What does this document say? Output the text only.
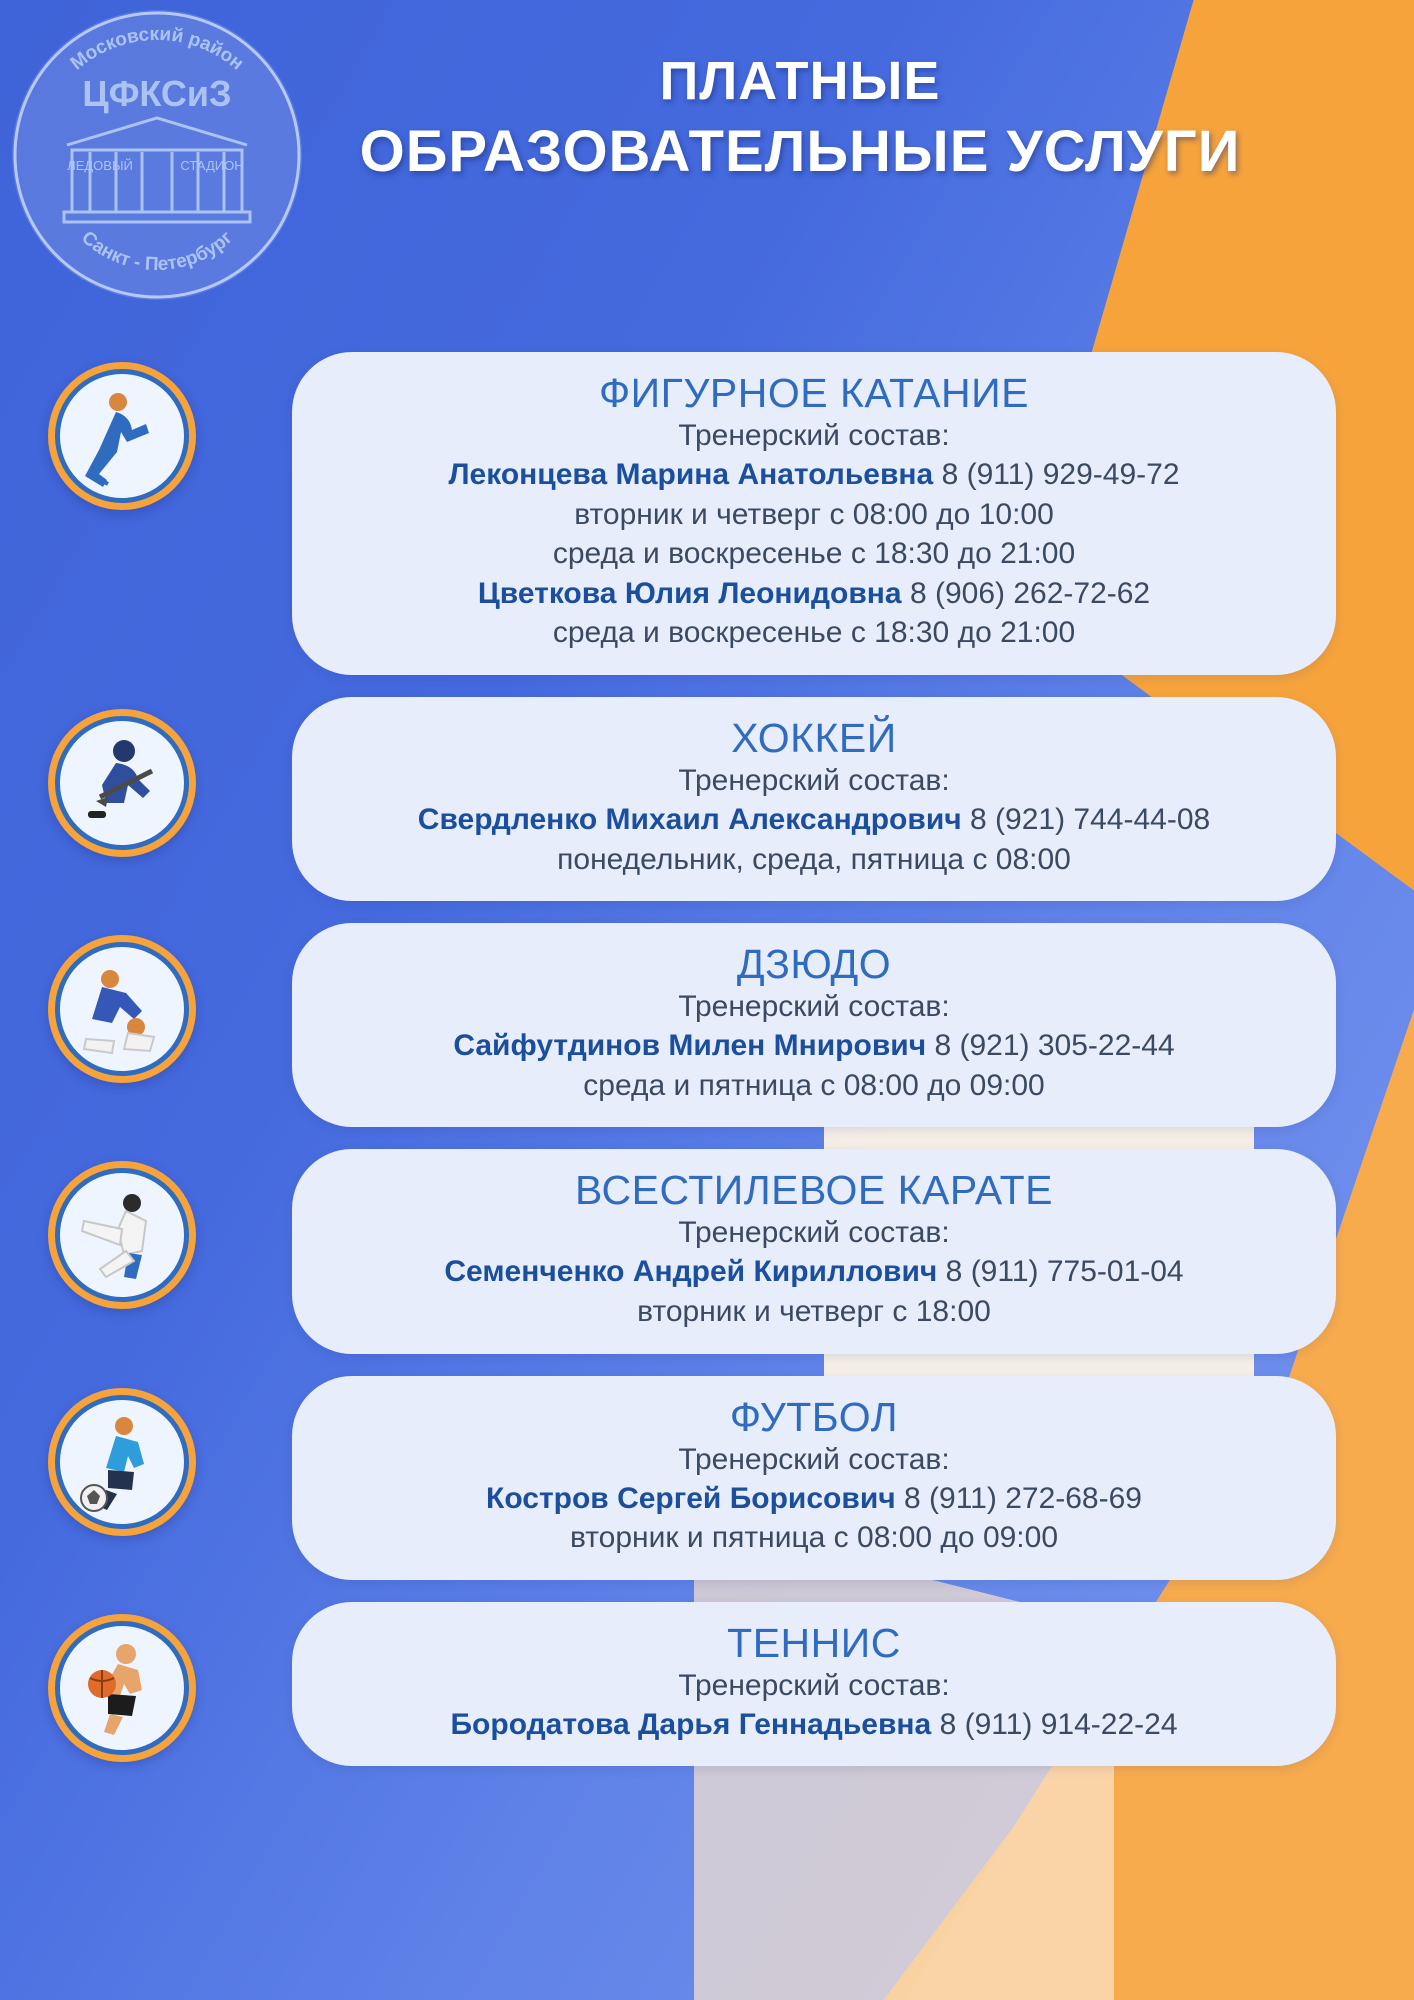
Московский район
Санкт - Петербург
ЦФКСиЗ
ЛЕДОВЫЙ	СТАДИОН
ПЛАТНЫЕ
ОБРАЗОВАТЕЛЬНЫЕ УСЛУГИ
ФИГУРНОЕ КАТАНИЕ
Тренерский состав:
Леконцева Марина Анатольевна 8 (911) 929-49-72
вторник и четверг с 08:00 до 10:00
среда и воскресенье с 18:30 до 21:00
Цветкова Юлия Леонидовна 8 (906) 262-72-62
среда и воскресенье с 18:30 до 21:00
ХОККЕЙ
Тренерский состав:
Свердленко Михаил Александрович 8 (921) 744-44-08
понедельник, среда, пятница с 08:00
ДЗЮДО
Тренерский состав:
Сайфутдинов Милен Мнирович 8 (921) 305-22-44
среда и пятница с 08:00 до 09:00
ВСЕСТИЛЕВОЕ КАРАТЕ
Тренерский состав:
Семенченко Андрей Кириллович 8 (911) 775-01-04
вторник и четверг с 18:00
ФУТБОЛ
Тренерский состав:
Костров Сергей Борисович 8 (911) 272-68-69
вторник и пятница с 08:00 до 09:00
ТЕННИС
Тренерский состав:
Бородатова Дарья Геннадьевна 8 (911) 914-22-24
